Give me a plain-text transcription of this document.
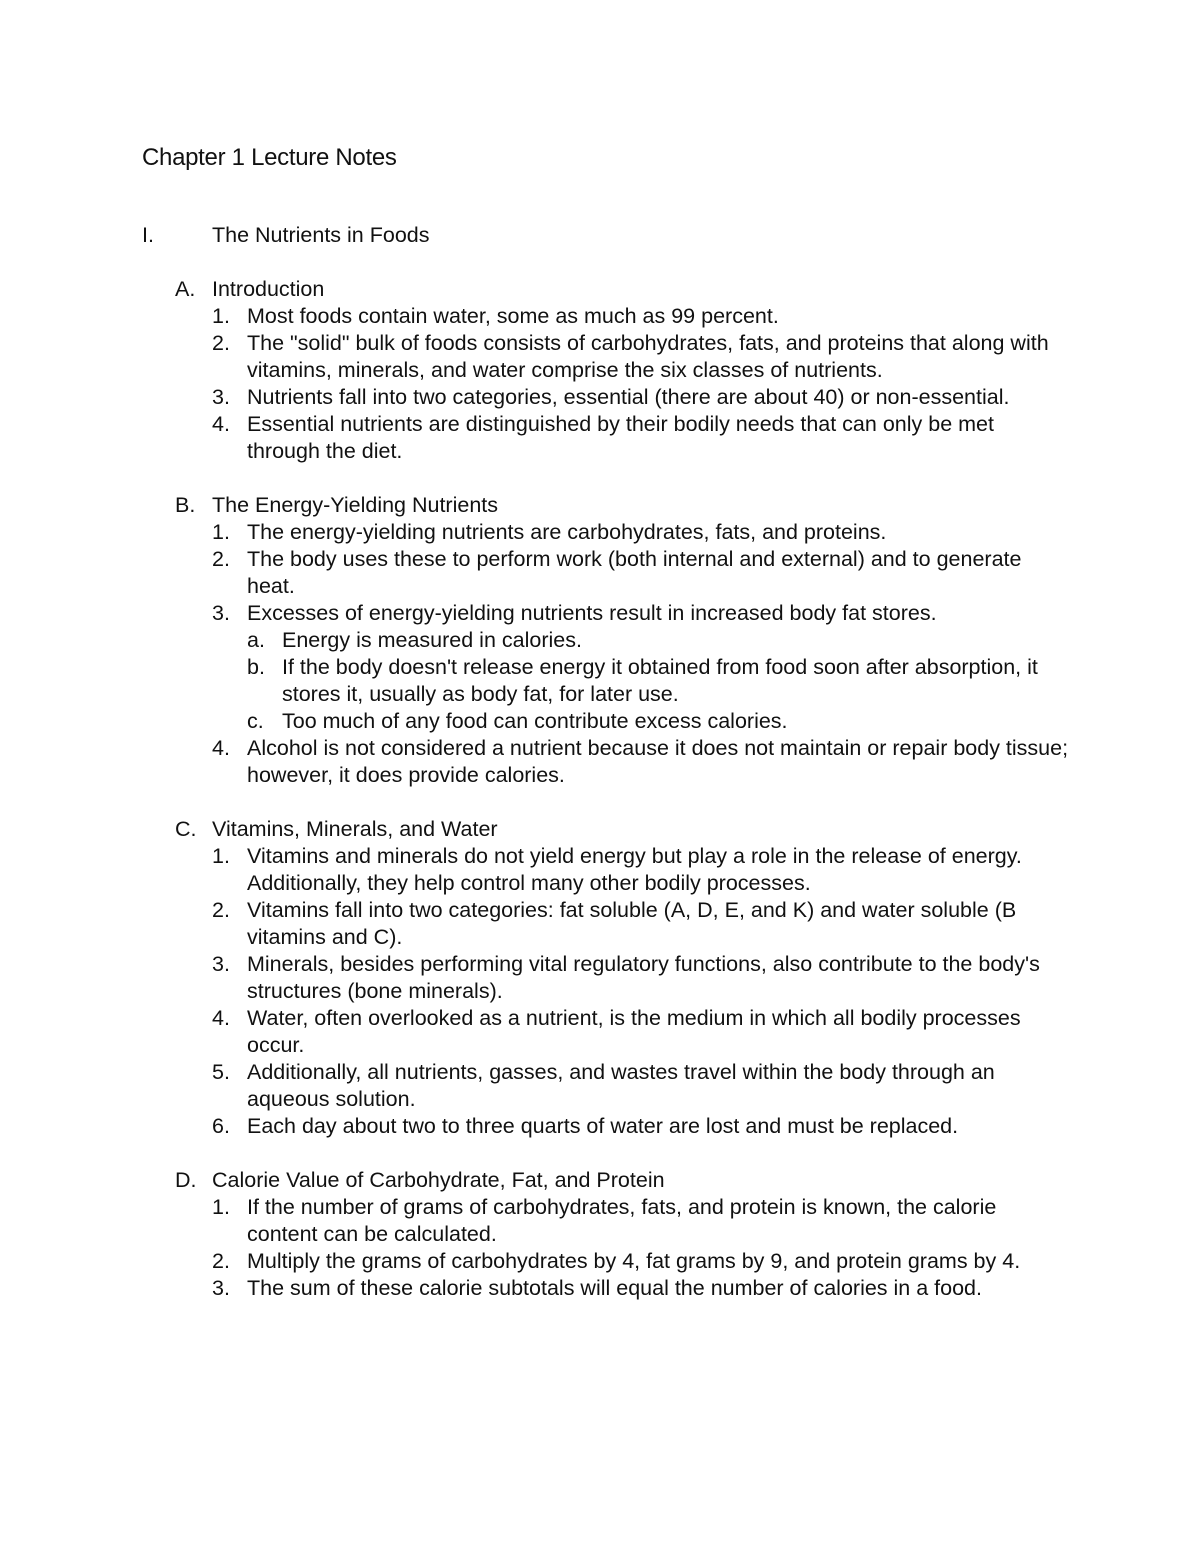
Chapter 1 Lecture Notes
I.	The Nutrients in Foods
A. Introduction
1. Most foods contain water, some as much as 99 percent.
2. The "solid" bulk of foods consists of carbohydrates, fats, and proteins that along with vitamins, minerals, and water comprise the six classes of nutrients.
3. Nutrients fall into two categories, essential (there are about 40) or non-essential.
4. Essential nutrients are distinguished by their bodily needs that can only be met through the diet.
B. The Energy-Yielding Nutrients
1. The energy-yielding nutrients are carbohydrates, fats, and proteins.
2. The body uses these to perform work (both internal and external) and to generate heat.
3. Excesses of energy-yielding nutrients result in increased body fat stores.
a. Energy is measured in calories.
b. If the body doesn't release energy it obtained from food soon after absorption, it stores it, usually as body fat, for later use.
c. Too much of any food can contribute excess calories.
4. Alcohol is not considered a nutrient because it does not maintain or repair body tissue; however, it does provide calories.
C. Vitamins, Minerals, and Water
1. Vitamins and minerals do not yield energy but play a role in the release of energy. Additionally, they help control many other bodily processes.
2. Vitamins fall into two categories: fat soluble (A, D, E, and K) and water soluble (B vitamins and C).
3. Minerals, besides performing vital regulatory functions, also contribute to the body's structures (bone minerals).
4. Water, often overlooked as a nutrient, is the medium in which all bodily processes occur.
5. Additionally, all nutrients, gasses, and wastes travel within the body through an aqueous solution.
6. Each day about two to three quarts of water are lost and must be replaced.
D. Calorie Value of Carbohydrate, Fat, and Protein
1. If the number of grams of carbohydrates, fats, and protein is known, the calorie content can be calculated.
2. Multiply the grams of carbohydrates by 4, fat grams by 9, and protein grams by 4.
3. The sum of these calorie subtotals will equal the number of calories in a food.
